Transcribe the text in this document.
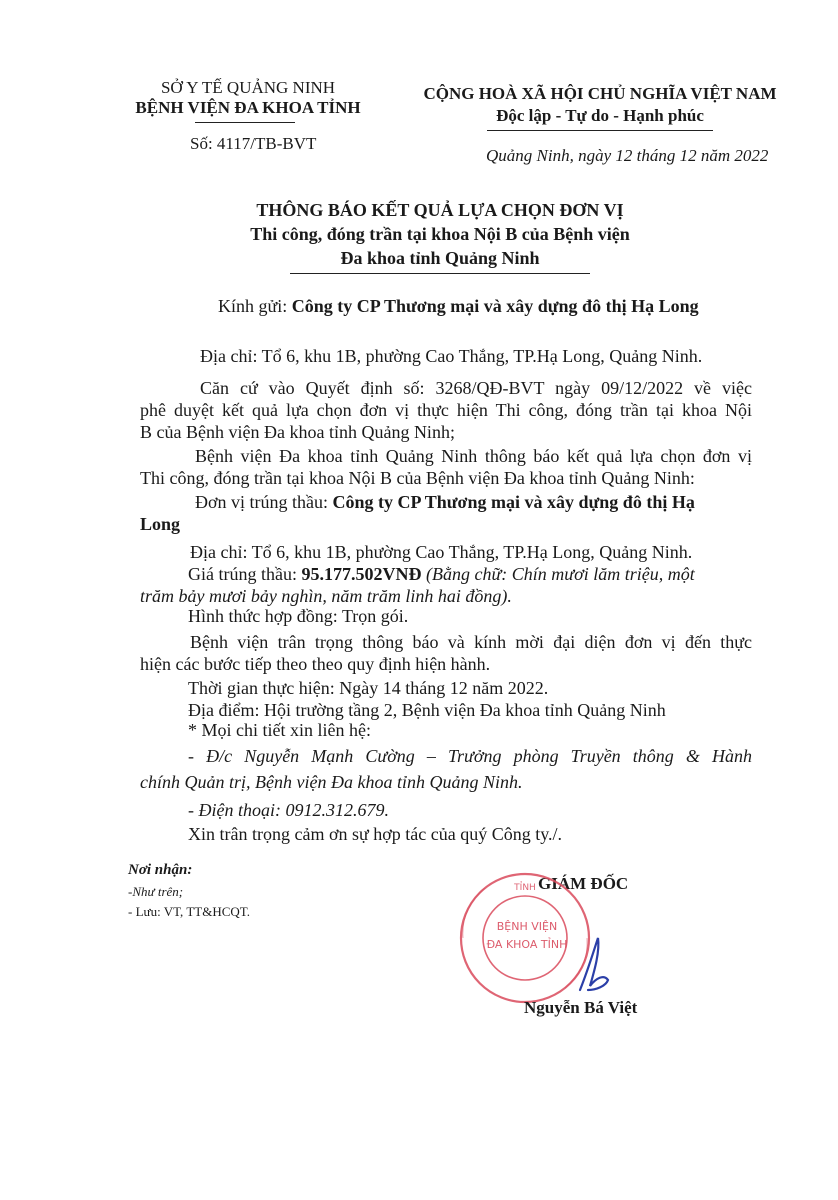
SỞ Y TẾ QUẢNG NINH
BỆNH VIỆN ĐA KHOA TỈNH
Số: 4117/TB-BVT
CỘNG HOÀ XÃ HỘI CHỦ NGHĨA VIỆT NAM
Độc lập - Tự do - Hạnh phúc
Quảng Ninh, ngày 12 tháng 12 năm 2022
THÔNG BÁO KẾT QUẢ LỰA CHỌN ĐƠN VỊ
Thi công, đóng trần tại khoa Nội B của Bệnh viện
Đa khoa tỉnh Quảng Ninh
Kính gửi: Công ty CP Thương mại và xây dựng đô thị Hạ Long
Địa chỉ: Tổ 6, khu 1B, phường Cao Thắng, TP.Hạ Long, Quảng Ninh.
Căn cứ vào Quyết định số: 3268/QĐ-BVT ngày 09/12/2022 về việc
phê duyệt kết quả lựa chọn đơn vị thực hiện Thi công, đóng trần tại khoa Nội
B của Bệnh viện Đa khoa tỉnh Quảng Ninh;
Bệnh viện Đa khoa tỉnh Quảng Ninh thông báo kết quả lựa chọn đơn vị
Thi công, đóng trần tại khoa Nội B của Bệnh viện Đa khoa tỉnh Quảng Ninh:
Đơn vị trúng thầu: Công ty CP Thương mại và xây dựng đô thị Hạ
Long
Địa chỉ: Tổ 6, khu 1B, phường Cao Thắng, TP.Hạ Long, Quảng Ninh.
Giá trúng thầu: 95.177.502VNĐ (Bằng chữ: Chín mươi lăm triệu, một
trăm bảy mươi bảy nghìn, năm trăm linh hai đồng).
Hình thức hợp đồng: Trọn gói.
Bệnh viện trân trọng thông báo và kính mời đại diện đơn vị đến thực
hiện các bước tiếp theo theo quy định hiện hành.
Thời gian thực hiện: Ngày 14 tháng 12 năm 2022.
Địa điểm: Hội trường tầng 2, Bệnh viện Đa khoa tỉnh Quảng Ninh
* Mọi chi tiết xin liên hệ:
- Đ/c Nguyễn Mạnh Cường – Trưởng phòng Truyền thông & Hành
chính Quản trị, Bệnh viện Đa khoa tỉnh Quảng Ninh.
- Điện thoại: 0912.312.679.
Xin trân trọng cảm ơn sự hợp tác của quý Công ty./.
Nơi nhận:
-Như trên;
- Lưu: VT, TT&HCQT.
GIÁM ĐỐC
TỈNH
BỆNH VIỆN
ĐA KHOA TỈNH
Nguyễn Bá Việt
